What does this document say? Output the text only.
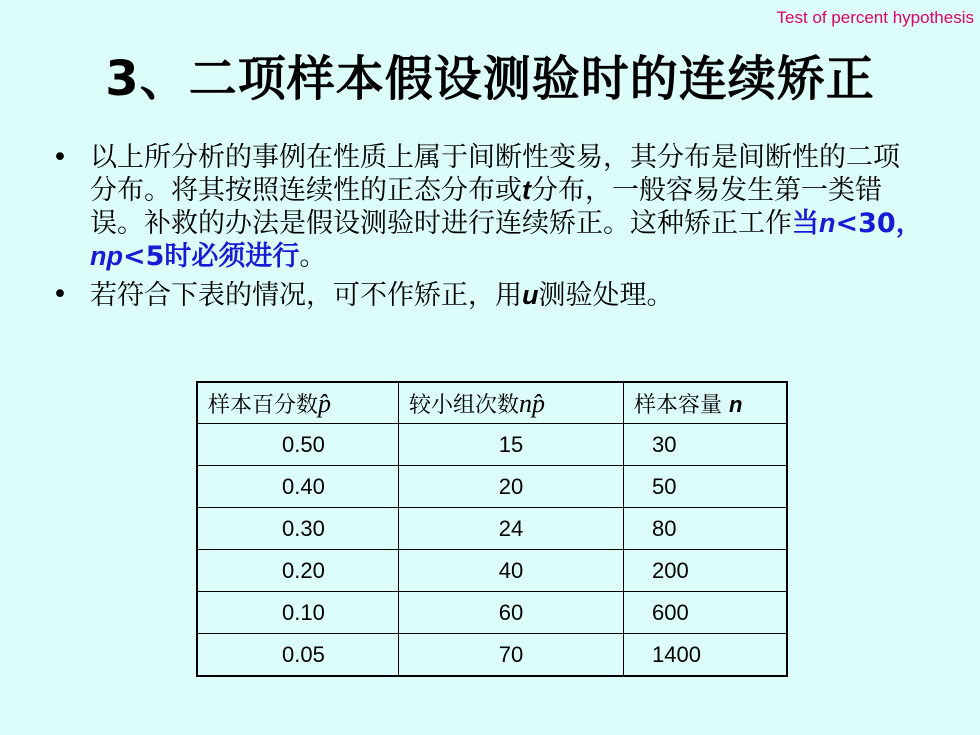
Test of percent hypothesis
3、二项样本假设测验时的连续矫正
• 以上所分析的事例在性质上属于间断性变易，其分布是间断性的二项分布。将其按照连续性的正态分布或t分布，一般容易发生第一类错误。补救的办法是假设测验时进行连续矫正。这种矫正工作当n<30，np<5时必须进行。
• 若符合下表的情况，可不作矫正，用u测验处理。
样本百分数p̂	较小组次数np̂	样本容量 n
0.50	15	30
0.40	20	50
0.30	24	80
0.20	40	200
0.10	60	600
0.05	70	1400
